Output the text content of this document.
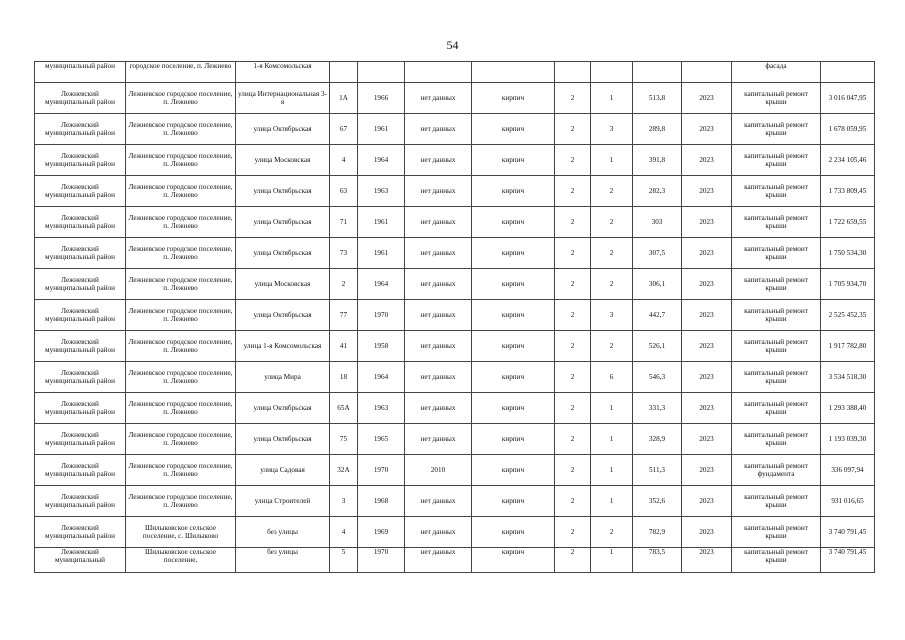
54
муниципальный район	городское поселение, п. Лежнево	1-я Комсомольская									фасада	
Лежневский муниципальный район	Лежневское городское поселение, п. Лежнево	улица Интернациональная 3-я	1А	1966	нет данных	кирпич	2	1	513,8	2023	капитальный ремонт крыши	3 016 047,95
Лежневский муниципальный район	Лежневское городское поселение, п. Лежнево	улица Октябрьская	67	1961	нет данных	кирпич	2	3	289,8	2023	капитальный ремонт крыши	1 678 059,95
Лежневский муниципальный район	Лежневское городское поселение, п. Лежнево	улица Московская	4	1964	нет данных	кирпич	2	1	391,8	2023	капитальный ремонт крыши	2 234 105,46
Лежневский муниципальный район	Лежневское городское поселение, п. Лежнево	улица Октябрьская	63	1963	нет данных	кирпич	2	2	282,3	2023	капитальный ремонт крыши	1 733 809,45
Лежневский муниципальный район	Лежневское городское поселение, п. Лежнево	улица Октябрьская	71	1961	нет данных	кирпич	2	2	303	2023	капитальный ремонт крыши	1 722 659,55
Лежневский муниципальный район	Лежневское городское поселение, п. Лежнево	улица Октябрьская	73	1961	нет данных	кирпич	2	2	307,5	2023	капитальный ремонт крыши	1 750 534,30
Лежневский муниципальный район	Лежневское городское поселение, п. Лежнево	улица Московская	2	1964	нет данных	кирпич	2	2	306,1	2023	капитальный ремонт крыши	1 705 934,70
Лежневский муниципальный район	Лежневское городское поселение, п. Лежнево	улица Октябрьская	77	1970	нет данных	кирпич	2	3	442,7	2023	капитальный ремонт крыши	2 525 452,35
Лежневский муниципальный район	Лежневское городское поселение, п. Лежнево	улица 1-я Комсомольская	41	1958	нет данных	кирпич	2	2	526,1	2023	капитальный ремонт крыши	1 917 782,80
Лежневский муниципальный район	Лежневское городское поселение, п. Лежнево	улица Мира	18	1964	нет данных	кирпич	2	6	546,3	2023	капитальный ремонт крыши	3 534 518,30
Лежневский муниципальный район	Лежневское городское поселение, п. Лежнево	улица Октябрьская	65А	1963	нет данных	кирпич	2	1	331,3	2023	капитальный ремонт крыши	1 293 388,40
Лежневский муниципальный район	Лежневское городское поселение, п. Лежнево	улица Октябрьская	75	1965	нет данных	кирпич	2	1	328,9	2023	капитальный ремонт крыши	1 193 039,30
Лежневский муниципальный район	Лежневское городское поселение, п. Лежнево	улица Садовая	32А	1970	2010	кирпич	2	1	511,3	2023	капитальный ремонт фундамента	336 097,94
Лежневский муниципальный район	Лежневское городское поселение, п. Лежнево	улица Строителей	3	1968	нет данных	кирпич	2	1	352,6	2023	капитальный ремонт крыши	931 016,65
Лежневский муниципальный район	Шилыковское сельское поселение, с. Шилыково	без улицы	4	1969	нет данных	кирпич	2	2	782,9	2023	капитальный ремонт крыши	3 740 791,45
Лежневский муниципальный	Шилыковское сельское поселение,	без улицы	5	1970	нет данных	кирпич	2	1	783,5	2023	капитальный ремонт крыши	3 740 791,45
